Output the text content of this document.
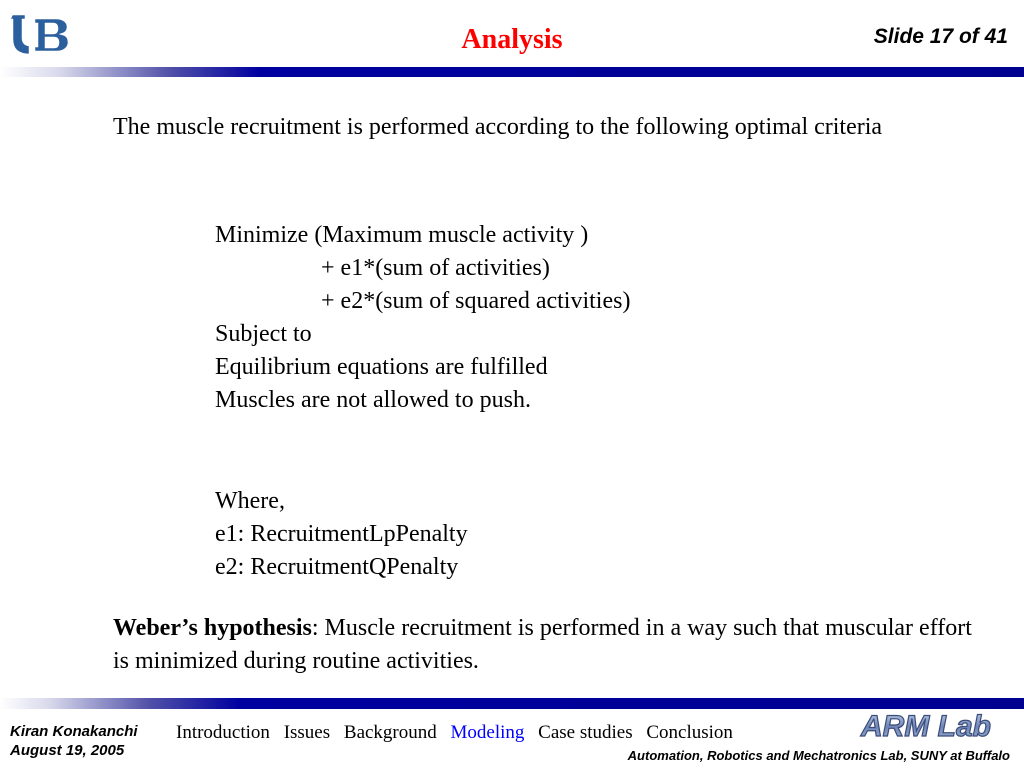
Analysis	Slide 17 of 41

The muscle recruitment is performed according to the following optimal criteria

Minimize (Maximum muscle activity )
+ e1*(sum of activities)
+ e2*(sum of squared activities)
Subject to
Equilibrium equations are fulfilled
Muscles are not allowed to push.
Where,
e1: RecruitmentLpPenalty
e2: RecruitmentQPenalty

Weber’s hypothesis: Muscle recruitment is performed in a way such that muscular effort is minimized during routine activities.

Kiran Konakanchi
August 19, 2005
Introduction Issues Background Modeling Case studies Conclusion	ARM Lab
Automation, Robotics and Mechatronics Lab, SUNY at Buffalo
